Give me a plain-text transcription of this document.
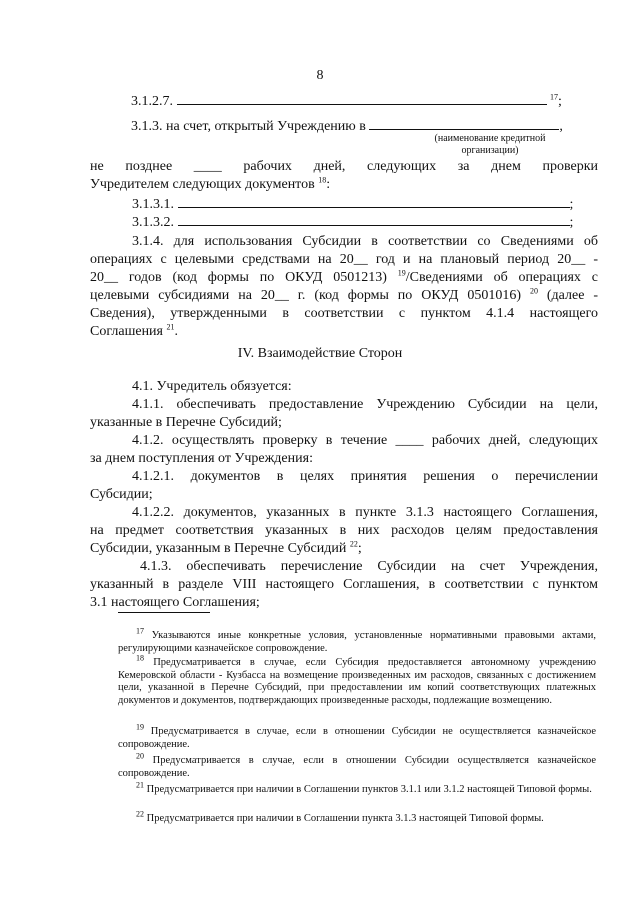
8
3.1.2.7.	$^{17}$;
3.1.3. на счет, открытый Учреждению в	,
(наименование кредитной
организации)
не позднее ____ рабочих дней, следующих за днем проверки
Учредителем следующих документов $^{18}$:
3.1.3.1.	;
3.1.3.2.	;
3.1.4. для использования Субсидии в соответствии со Сведениями об
операциях с целевыми средствами на 20__ год и на плановый период 20__ -
20__ годов (код формы по ОКУД 0501213) $^{19}$/Сведениями об операциях с
целевыми субсидиями на 20__ г. (код формы по ОКУД 0501016) $^{20}$ (далее -
Сведения), утвержденными в соответствии с пунктом 4.1.4 настоящего
Соглашения $^{21}$.
IV. Взаимодействие Сторон
4.1. Учредитель обязуется:
4.1.1. обеспечивать предоставление Учреждению Субсидии на цели,
указанные в Перечне Субсидий;
4.1.2. осуществлять проверку в течение ____ рабочих дней, следующих
за днем поступления от Учреждения:
4.1.2.1. документов в целях принятия решения о перечислении
Субсидии;
4.1.2.2. документов, указанных в пункте 3.1.3 настоящего Соглашения,
на предмет соответствия указанных в них расходов целям предоставления
Субсидии, указанным в Перечне Субсидий $^{22}$;
4.1.3. обеспечивать перечисление Субсидии на счет Учреждения,
указанный в разделе VIII настоящего Соглашения, в соответствии с пунктом
3.1 настоящего Соглашения;
$^{17}$ Указываются иные конкретные условия, установленные нормативными правовыми актами, регулирующими казначейское сопровождение.
$^{18}$ Предусматривается в случае, если Субсидия предоставляется автономному учреждению Кемеровской области - Кузбасса на возмещение произведенных им расходов, связанных с достижением цели, указанной в Перечне Субсидий, при предоставлении им копий соответствующих платежных документов и документов, подтверждающих произведенные расходы, подлежащие возмещению.
$^{19}$ Предусматривается в случае, если в отношении Субсидии не осуществляется казначейское сопровождение.
$^{20}$ Предусматривается в случае, если в отношении Субсидии осуществляется казначейское сопровождение.
$^{21}$ Предусматривается при наличии в Соглашении пунктов 3.1.1 или 3.1.2 настоящей Типовой формы.
$^{22}$ Предусматривается при наличии в Соглашении пункта 3.1.3 настоящей Типовой формы.
